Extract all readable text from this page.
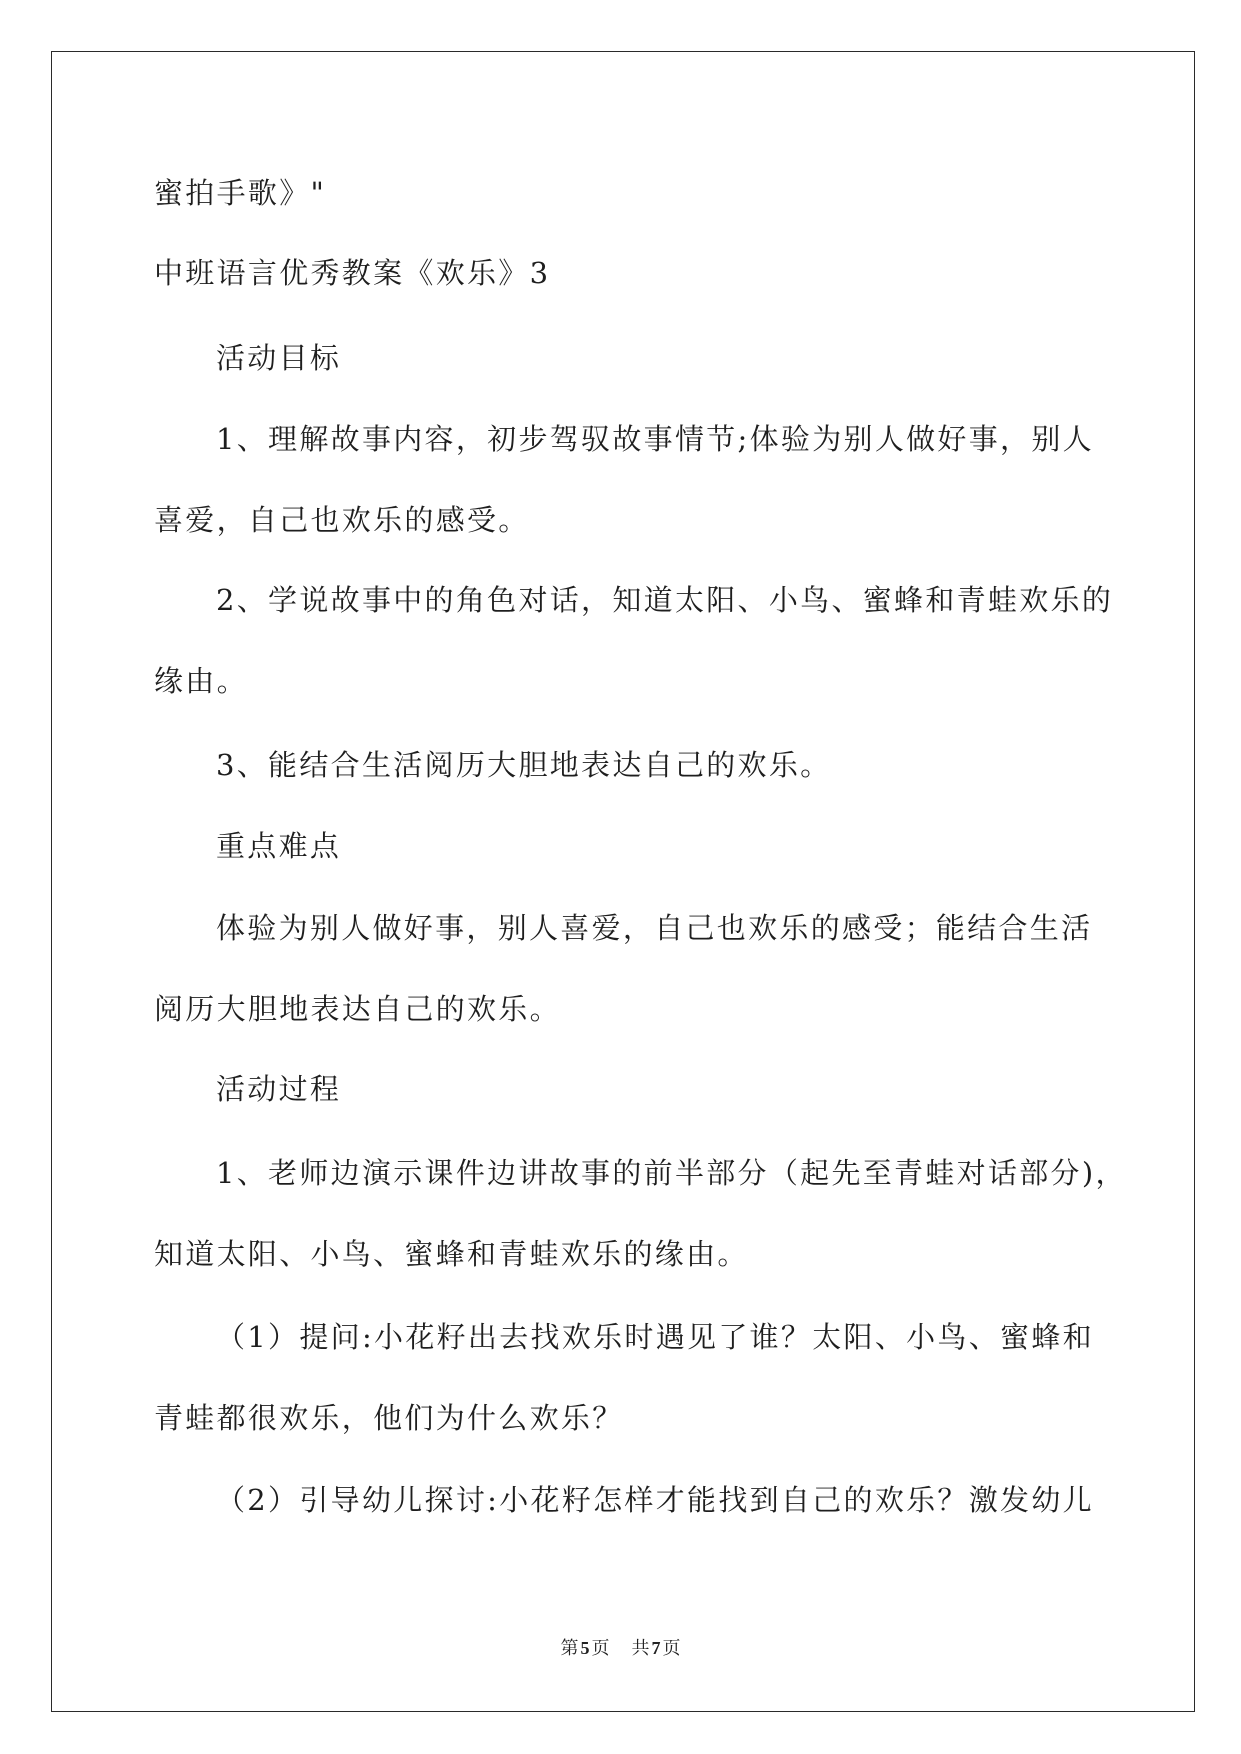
蜜拍手歌》"
中班语言优秀教案《欢乐》3
活动目标
1、理解故事内容，初步驾驭故事情节;体验为别人做好事，别人
喜爱，自己也欢乐的感受。
2、学说故事中的角色对话，知道太阳、小鸟、蜜蜂和青蛙欢乐的
缘由。
3、能结合生活阅历大胆地表达自己的欢乐。
重点难点
体验为别人做好事，别人喜爱，自己也欢乐的感受；能结合生活
阅历大胆地表达自己的欢乐。
活动过程
1、老师边演示课件边讲故事的前半部分（起先至青蛙对话部分)，
知道太阳、小鸟、蜜蜂和青蛙欢乐的缘由。
（1）提问:小花籽出去找欢乐时遇见了谁？太阳、小鸟、蜜蜂和
青蛙都很欢乐，他们为什么欢乐？
（2）引导幼儿探讨:小花籽怎样才能找到自己的欢乐？激发幼儿
第 5 页 共 7 页
